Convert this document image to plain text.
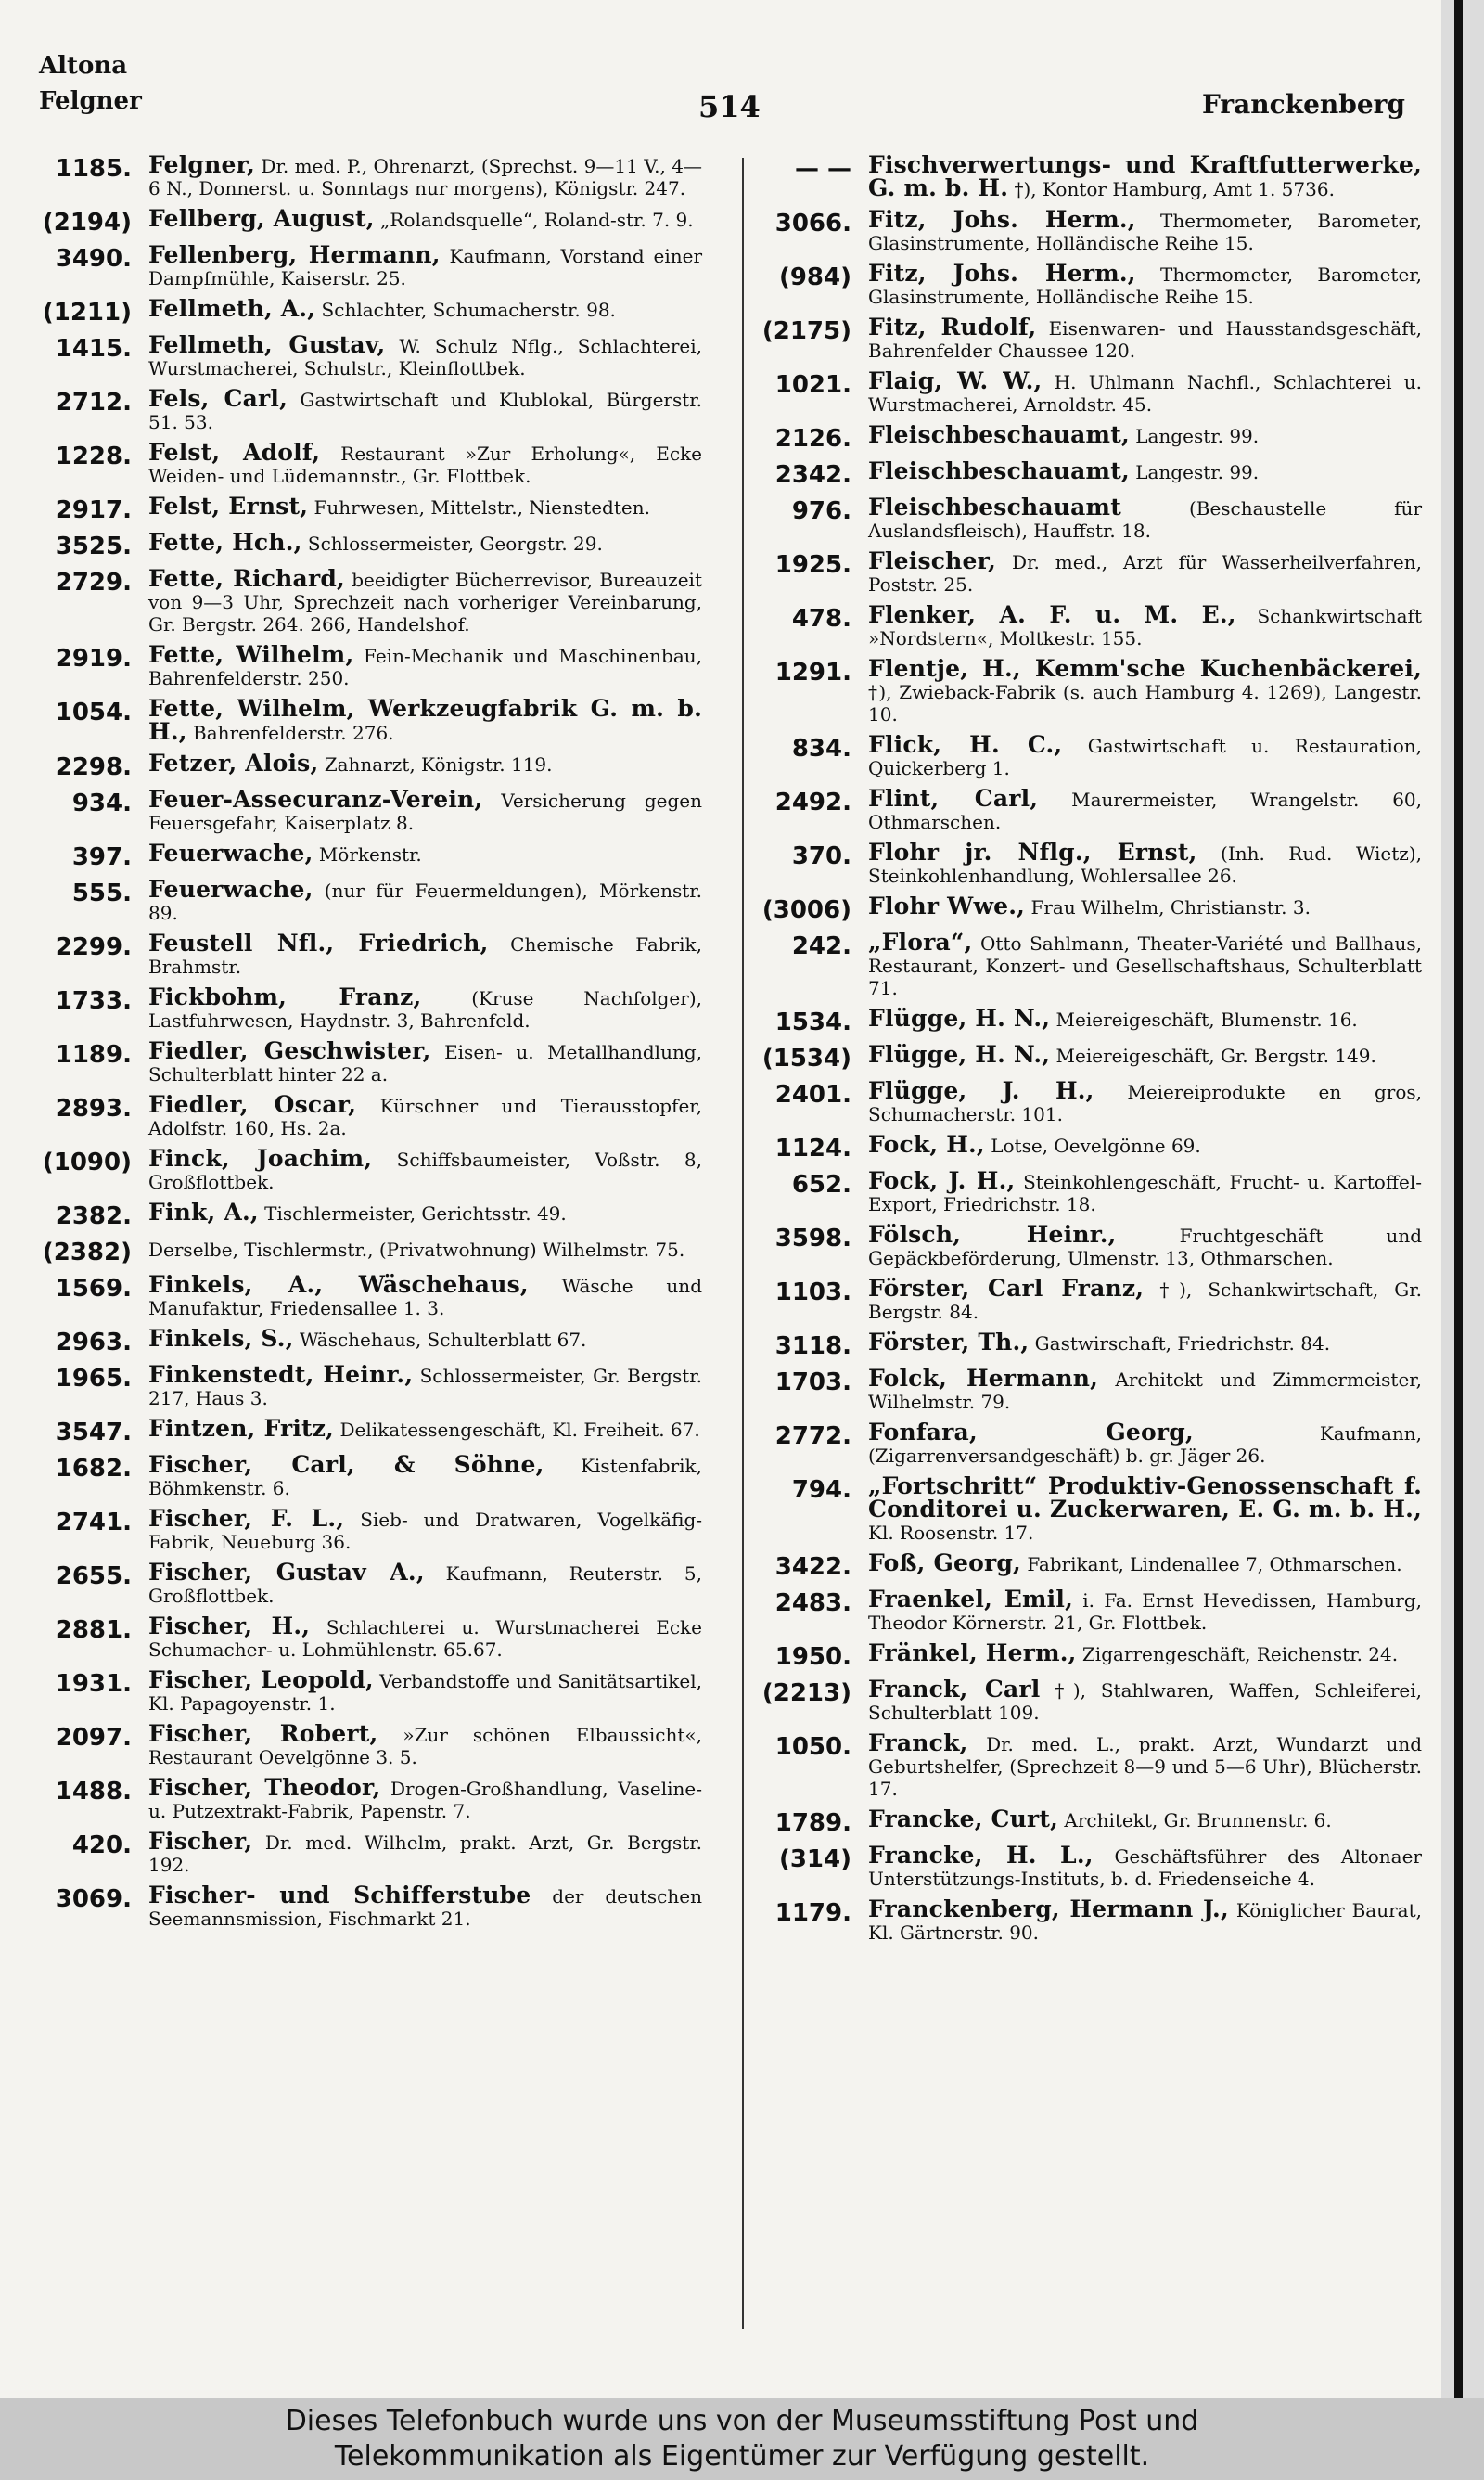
Altona
Felgner	514	Franckenberg
1185. Felgner, Dr. med. P., Ohrenarzt, (Sprechst. 9—11 V., 4—6 N., Donnerst. u. Sonntags nur morgens), Königstr. 247.
(2194) Fellberg, August, „Rolandsquelle“, Roland-str. 7. 9.
3490. Fellenberg, Hermann, Kaufmann, Vorstand einer Dampfmühle, Kaiserstr. 25.
(1211) Fellmeth, A., Schlachter, Schumacherstr. 98.
1415. Fellmeth, Gustav, W. Schulz Nflg., Schlachterei, Wurstmacherei, Schulstr., Kleinflottbek.
2712. Fels, Carl, Gastwirtschaft und Klublokal, Bürgerstr. 51. 53.
1228. Felst, Adolf, Restaurant »Zur Erholung«, Ecke Weiden- und Lüdemannstr., Gr. Flottbek.
2917. Felst, Ernst, Fuhrwesen, Mittelstr., Nienstedten.
3525. Fette, Hch., Schlossermeister, Georgstr. 29.
2729. Fette, Richard, beeidigter Bücherrevisor, Bureauzeit von 9—3 Uhr, Sprechzeit nach vorheriger Vereinbarung, Gr. Bergstr. 264. 266, Handelshof.
2919. Fette, Wilhelm, Fein-Mechanik und Maschinenbau, Bahrenfelderstr. 250.
1054. Fette, Wilhelm, Werkzeugfabrik G. m. b. H., Bahrenfelderstr. 276.
2298. Fetzer, Alois, Zahnarzt, Königstr. 119.
934. Feuer-Assecuranz-Verein, Versicherung gegen Feuersgefahr, Kaiserplatz 8.
397. Feuerwache, Mörkenstr.
555. Feuerwache, (nur für Feuermeldungen), Mörkenstr. 89.
2299. Feustell Nfl., Friedrich, Chemische Fabrik, Brahmstr.
1733. Fickbohm, Franz,	(Kruse Nachfolger), Lastfuhrwesen, Haydnstr. 3, Bahrenfeld.
1189. Fiedler, Geschwister, Eisen- u. Metallhandlung, Schulterblatt hinter 22 a.
2893. Fiedler, Oscar, Kürschner und Tierausstopfer, Adolfstr. 160, Hs. 2a.
(1090) Finck, Joachim, Schiffsbaumeister, Voßstr. 8, Großflottbek.
2382. Fink, A., Tischlermeister, Gerichtsstr. 49.
(2382) Derselbe, Tischlermstr., (Privatwohnung) Wilhelmstr. 75.
1569. Finkels, A., Wäschehaus, Wäsche und Manufaktur, Friedensallee 1. 3.
2963. Finkels, S., Wäschehaus, Schulterblatt 67.
1965. Finkenstedt, Heinr., Schlossermeister, Gr. Bergstr. 217, Haus 3.
3547. Fintzen, Fritz, Delikatessengeschäft, Kl. Freiheit. 67.
1682. Fischer, Carl, & Söhne, Kistenfabrik, Böhmkenstr. 6.
2741. Fischer, F. L., Sieb- und Dratwaren, Vogelkäfig-Fabrik, Neueburg 36.
2655. Fischer, Gustav A., Kaufmann, Reuterstr. 5, Großflottbek.
2881. Fischer, H., Schlachterei u. Wurstmacherei Ecke Schumacher- u. Lohmühlenstr. 65.67.
1931. Fischer, Leopold, Verbandstoffe und Sanitätsartikel, Kl. Papagoyenstr. 1.
2097. Fischer, Robert, »Zur schönen Elbaussicht«, Restaurant Oevelgönne 3. 5.
1488. Fischer, Theodor, Drogen-Großhandlung, Vaseline- u. Putzextrakt-Fabrik, Papenstr. 7.
420. Fischer, Dr. med. Wilhelm, prakt. Arzt, Gr. Bergstr. 192.
3069. Fischer- und Schifferstube der deutschen Seemannsmission, Fischmarkt 21.
— — Fischverwertungs- und Kraftfutterwerke, G. m. b. H. †), Kontor Hamburg, Amt 1. 5736.
3066. Fitz, Johs. Herm., Thermometer, Barometer, Glasinstrumente, Holländische Reihe 15.
(984) Fitz, Johs. Herm., Thermometer, Barometer, Glasinstrumente, Holländische Reihe 15.
(2175) Fitz, Rudolf, Eisenwaren- und Hausstandsgeschäft, Bahrenfelder Chaussee 120.
1021. Flaig, W. W., H. Uhlmann Nachfl., Schlachterei u. Wurstmacherei, Arnoldstr. 45.
2126. Fleischbeschauamt, Langestr. 99.
2342. Fleischbeschauamt, Langestr. 99.
976. Fleischbeschauamt	(Beschaustelle für Auslandsfleisch), Hauffstr. 18.
1925. Fleischer, Dr. med., Arzt für Wasserheilverfahren, Poststr. 25.
478. Flenker, A. F. u. M. E., Schankwirtschaft »Nordstern«, Moltkestr. 155.
1291. Flentje, H., Kemm'sche Kuchenbäckerei, †), Zwieback-Fabrik (s. auch Hamburg 4. 1269), Langestr. 10.
834. Flick, H. C., Gastwirtschaft u. Restauration, Quickerberg 1.
2492. Flint, Carl, Maurermeister, Wrangelstr. 60, Othmarschen.
370. Flohr jr. Nflg., Ernst, (Inh. Rud. Wietz), Steinkohlenhandlung, Wohlersallee 26.
(3006) Flohr Wwe., Frau Wilhelm, Christianstr. 3.
242. „Flora“, Otto Sahlmann, Theater-Variété und Ballhaus, Restaurant, Konzert- und Gesellschaftshaus, Schulterblatt 71.
1534. Flügge, H. N., Meiereigeschäft, Blumenstr. 16.
(1534) Flügge, H. N., Meiereigeschäft, Gr. Bergstr. 149.
2401. Flügge, J. H., Meiereiprodukte en gros, Schumacherstr. 101.
1124. Fock, H., Lotse, Oevelgönne 69.
652. Fock, J. H., Steinkohlengeschäft, Frucht- u. Kartoffel-Export, Friedrichstr. 18.
3598. Fölsch, Heinr.,	Fruchtgeschäft und Gepäckbeförderung, Ulmenstr. 13, Othmarschen.
1103. Förster, Carl Franz, †), Schankwirtschaft, Gr. Bergstr. 84.
3118. Förster, Th., Gastwirschaft, Friedrichstr. 84.
1703. Folck, Hermann, Architekt und Zimmermeister, Wilhelmstr. 79.
2772. Fonfara, Georg,	Kaufmann, (Zigarrenversandgeschäft) b. gr. Jäger 26.
794. „Fortschritt“ Produktiv-Genossenschaft f. Conditorei u. Zuckerwaren, E. G. m. b. H., Kl. Roosenstr. 17.
3422. Foß, Georg, Fabrikant, Lindenallee 7, Othmarschen.
2483. Fraenkel, Emil, i. Fa. Ernst Hevedissen, Hamburg, Theodor Körnerstr. 21, Gr. Flottbek.
1950. Fränkel, Herm., Zigarrengeschäft, Reichenstr. 24.
(2213) Franck, Carl †), Stahlwaren, Waffen, Schleiferei, Schulterblatt 109.
1050. Franck, Dr. med. L., prakt. Arzt, Wundarzt und Geburtshelfer, (Sprechzeit 8—9 und 5—6 Uhr), Blücherstr. 17.
1789. Francke, Curt, Architekt, Gr. Brunnenstr. 6.
(314) Francke, H. L., Geschäftsführer des Altonaer Unterstützungs-Instituts, b. d. Friedenseiche 4.
1179. Franckenberg, Hermann J., Königlicher Baurat, Kl. Gärtnerstr. 90.
Dieses Telefonbuch wurde uns von der Museumsstiftung Post und
Telekommunikation als Eigentümer zur Verfügung gestellt.
